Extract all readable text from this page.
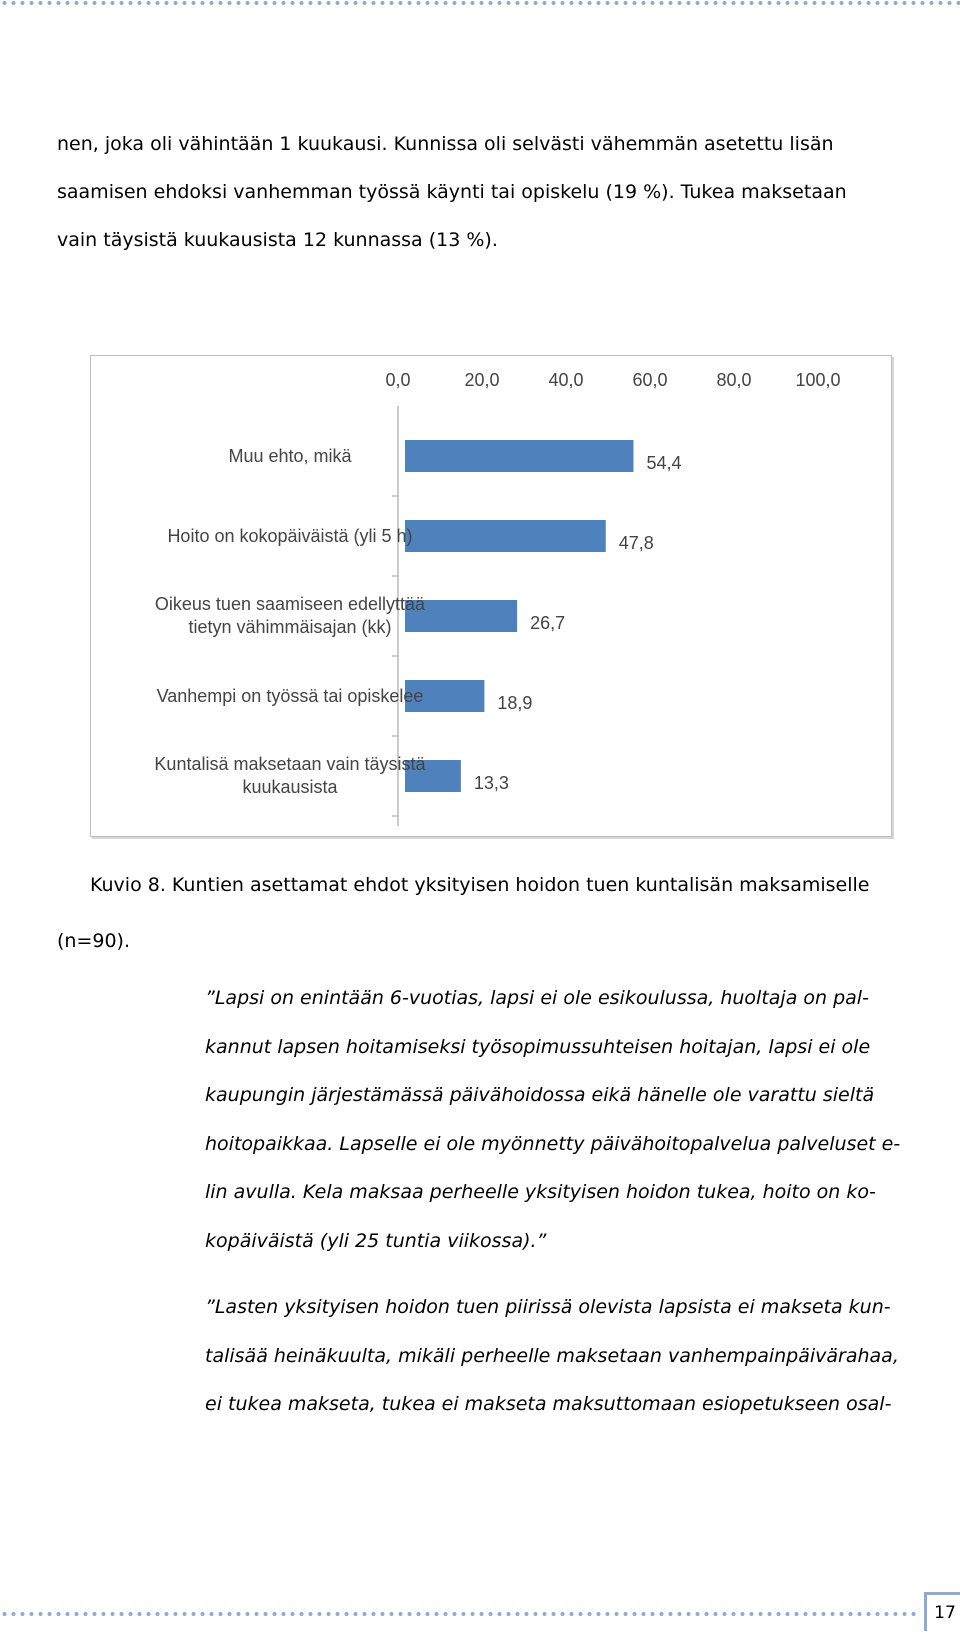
nen, joka oli vähintään 1 kuukausi. Kunnissa oli selvästi vähemmän asetettu lisän
saamisen ehdoksi vanhemman työssä käynti tai opiskelu (19 %). Tukea maksetaan
vain täysistä kuukausista 12 kunnassa (13 %).

0,0	20,0	40,0	60,0	80,0 100,0
54,4
Muu ehto, mikä
47,8
Hoito on kokopäiväistä (yli 5 h)
26,7
Oikeus tuen saamiseen edellyttää
tietyn vähimmäisajan (kk)
18,9
Vanhempi on työssä tai opiskelee
13,3
Kuntalisä maksetaan vain täysistä
kuukausista
Kuvio 8. Kuntien asettamat ehdot yksityisen hoidon tuen kuntalisän maksamiselle
(n=90).

”Lapsi on enintään 6-vuotias, lapsi ei ole esikoulussa, huoltaja on pal-
kannut lapsen hoitamiseksi työsopimussuhteisen hoitajan, lapsi ei ole
kaupungin järjestämässä päivähoidossa eikä hänelle ole varattu sieltä
hoitopaikkaa. Lapselle ei ole myönnetty päivähoitopalvelua palveluset e-
lin avulla. Kela maksaa perheelle yksityisen hoidon tukea, hoito on ko-
kopäiväistä (yli 25 tuntia viikossa).”

”Lasten yksityisen hoidon tuen piirissä olevista lapsista ei makseta kun-
talisää heinäkuulta, mikäli perheelle maksetaan vanhempainpäivärahaa,
ei tukea makseta, tukea ei makseta maksuttomaan esiopetukseen osal-

17
